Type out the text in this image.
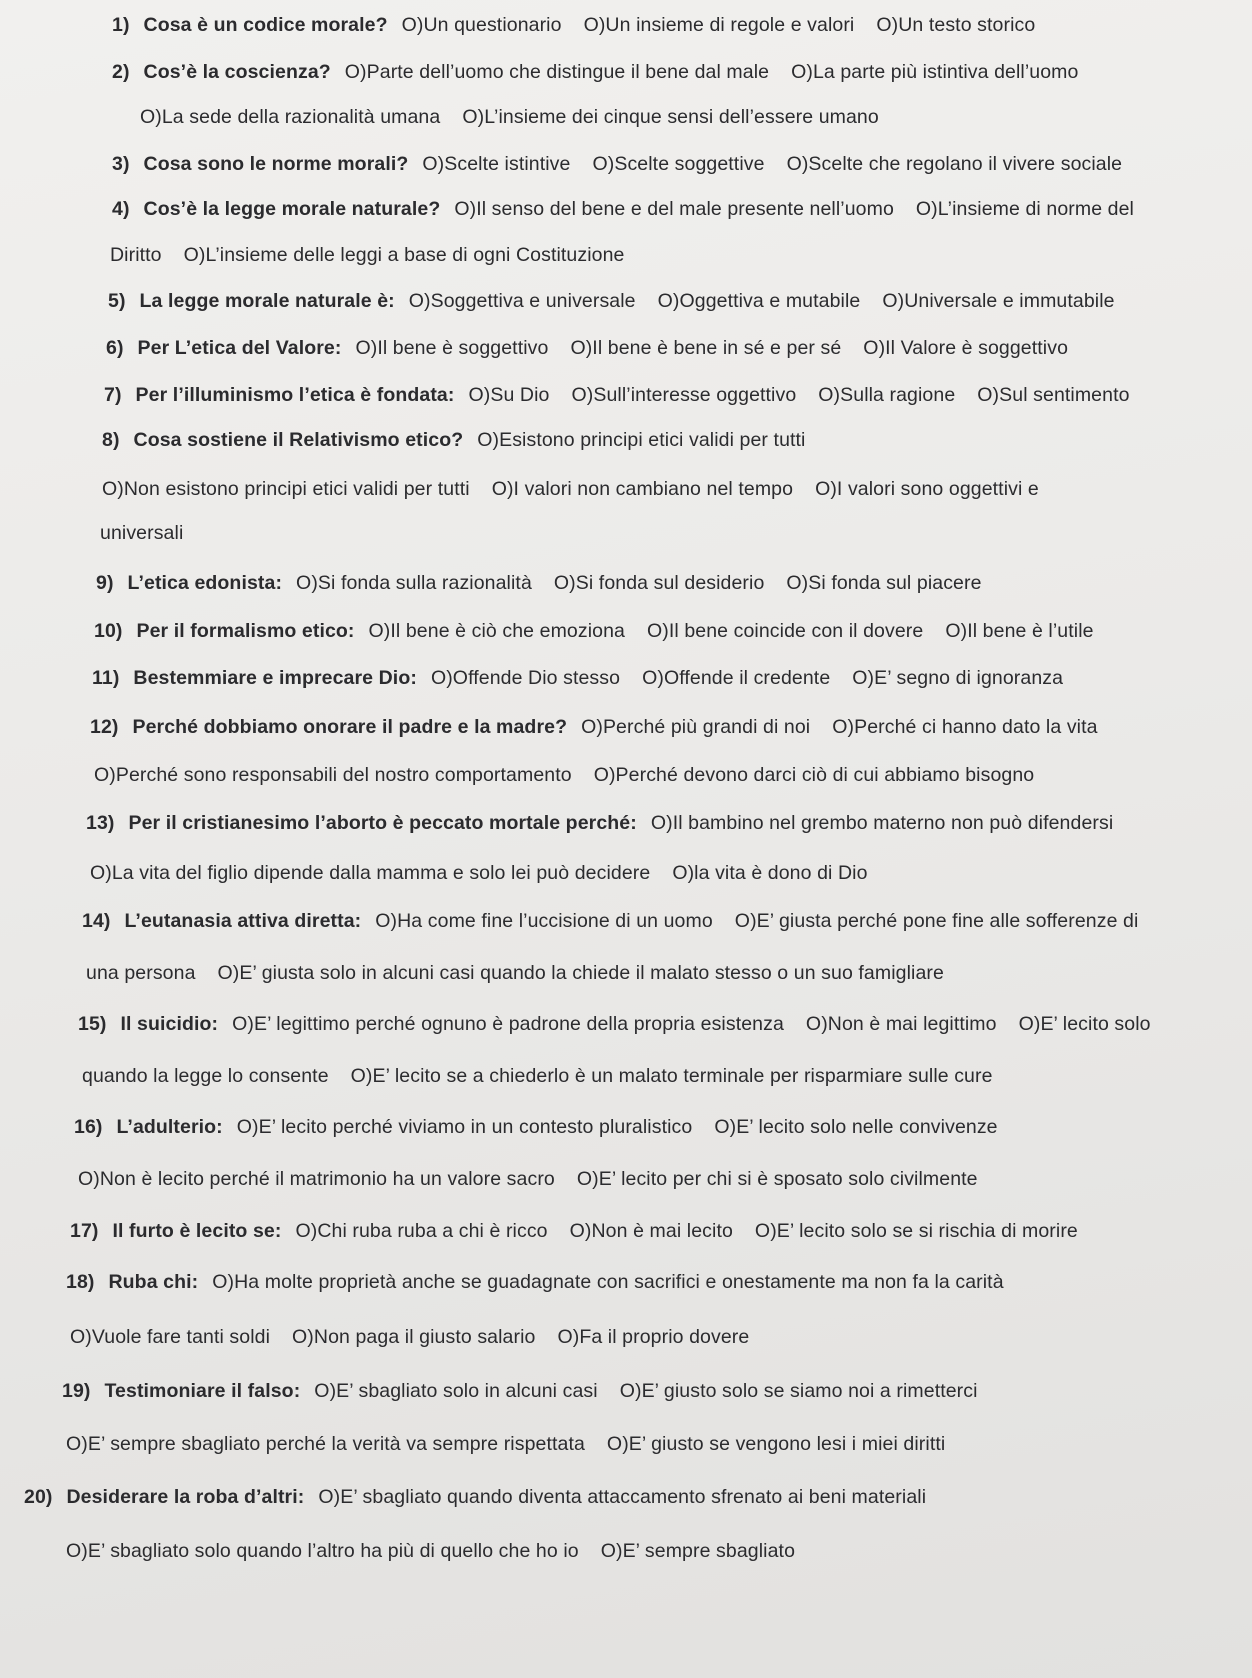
1) Cosa è un codice morale? O)Un questionario O)Un insieme di regole e valori O)Un testo storico
2) Cos’è la coscienza? O)Parte dell’uomo che distingue il bene dal male O)La parte più istintiva dell’uomo
O)La sede della razionalità umana O)L’insieme dei cinque sensi dell’essere umano
3) Cosa sono le norme morali? O)Scelte istintive O)Scelte soggettive O)Scelte che regolano il vivere sociale
4) Cos’è la legge morale naturale? O)Il senso del bene e del male presente nell’uomo O)L’insieme di norme del
Diritto O)L’insieme delle leggi a base di ogni Costituzione
5) La legge morale naturale è: O)Soggettiva e universale O)Oggettiva e mutabile O)Universale e immutabile
6) Per L’etica del Valore: O)Il bene è soggettivo O)Il bene è bene in sé e per sé O)Il Valore è soggettivo
7) Per l’illuminismo l’etica è fondata: O)Su Dio O)Sull’interesse oggettivo O)Sulla ragione O)Sul sentimento
8) Cosa sostiene il Relativismo etico? O)Esistono principi etici validi per tutti
O)Non esistono principi etici validi per tutti O)I valori non cambiano nel tempo O)I valori sono oggettivi e
universali
9) L’etica edonista: O)Si fonda sulla razionalità O)Si fonda sul desiderio O)Si fonda sul piacere
10) Per il formalismo etico: O)Il bene è ciò che emoziona O)Il bene coincide con il dovere O)Il bene è l’utile
11) Bestemmiare e imprecare Dio: O)Offende Dio stesso O)Offende il credente O)E’ segno di ignoranza
12) Perché dobbiamo onorare il padre e la madre? O)Perché più grandi di noi O)Perché ci hanno dato la vita
O)Perché sono responsabili del nostro comportamento O)Perché devono darci ciò di cui abbiamo bisogno
13) Per il cristianesimo l’aborto è peccato mortale perché: O)Il bambino nel grembo materno non può difendersi
O)La vita del figlio dipende dalla mamma e solo lei può decidere O)la vita è dono di Dio
14) L’eutanasia attiva diretta: O)Ha come fine l’uccisione di un uomo O)E’ giusta perché pone fine alle sofferenze di
una persona O)E’ giusta solo in alcuni casi quando la chiede il malato stesso o un suo famigliare
15) Il suicidio: O)E’ legittimo perché ognuno è padrone della propria esistenza O)Non è mai legittimo O)E’ lecito solo
quando la legge lo consente O)E’ lecito se a chiederlo è un malato terminale per risparmiare sulle cure
16) L’adulterio: O)E’ lecito perché viviamo in un contesto pluralistico O)E’ lecito solo nelle convivenze
O)Non è lecito perché il matrimonio ha un valore sacro O)E’ lecito per chi si è sposato solo civilmente
17) Il furto è lecito se: O)Chi ruba ruba a chi è ricco O)Non è mai lecito O)E’ lecito solo se si rischia di morire
18) Ruba chi: O)Ha molte proprietà anche se guadagnate con sacrifici e onestamente ma non fa la carità
O)Vuole fare tanti soldi O)Non paga il giusto salario O)Fa il proprio dovere
19) Testimoniare il falso: O)E’ sbagliato solo in alcuni casi O)E’ giusto solo se siamo noi a rimetterci
O)E’ sempre sbagliato perché la verità va sempre rispettata O)E’ giusto se vengono lesi i miei diritti
20) Desiderare la roba d’altri: O)E’ sbagliato quando diventa attaccamento sfrenato ai beni materiali
O)E’ sbagliato solo quando l’altro ha più di quello che ho io O)E’ sempre sbagliato
